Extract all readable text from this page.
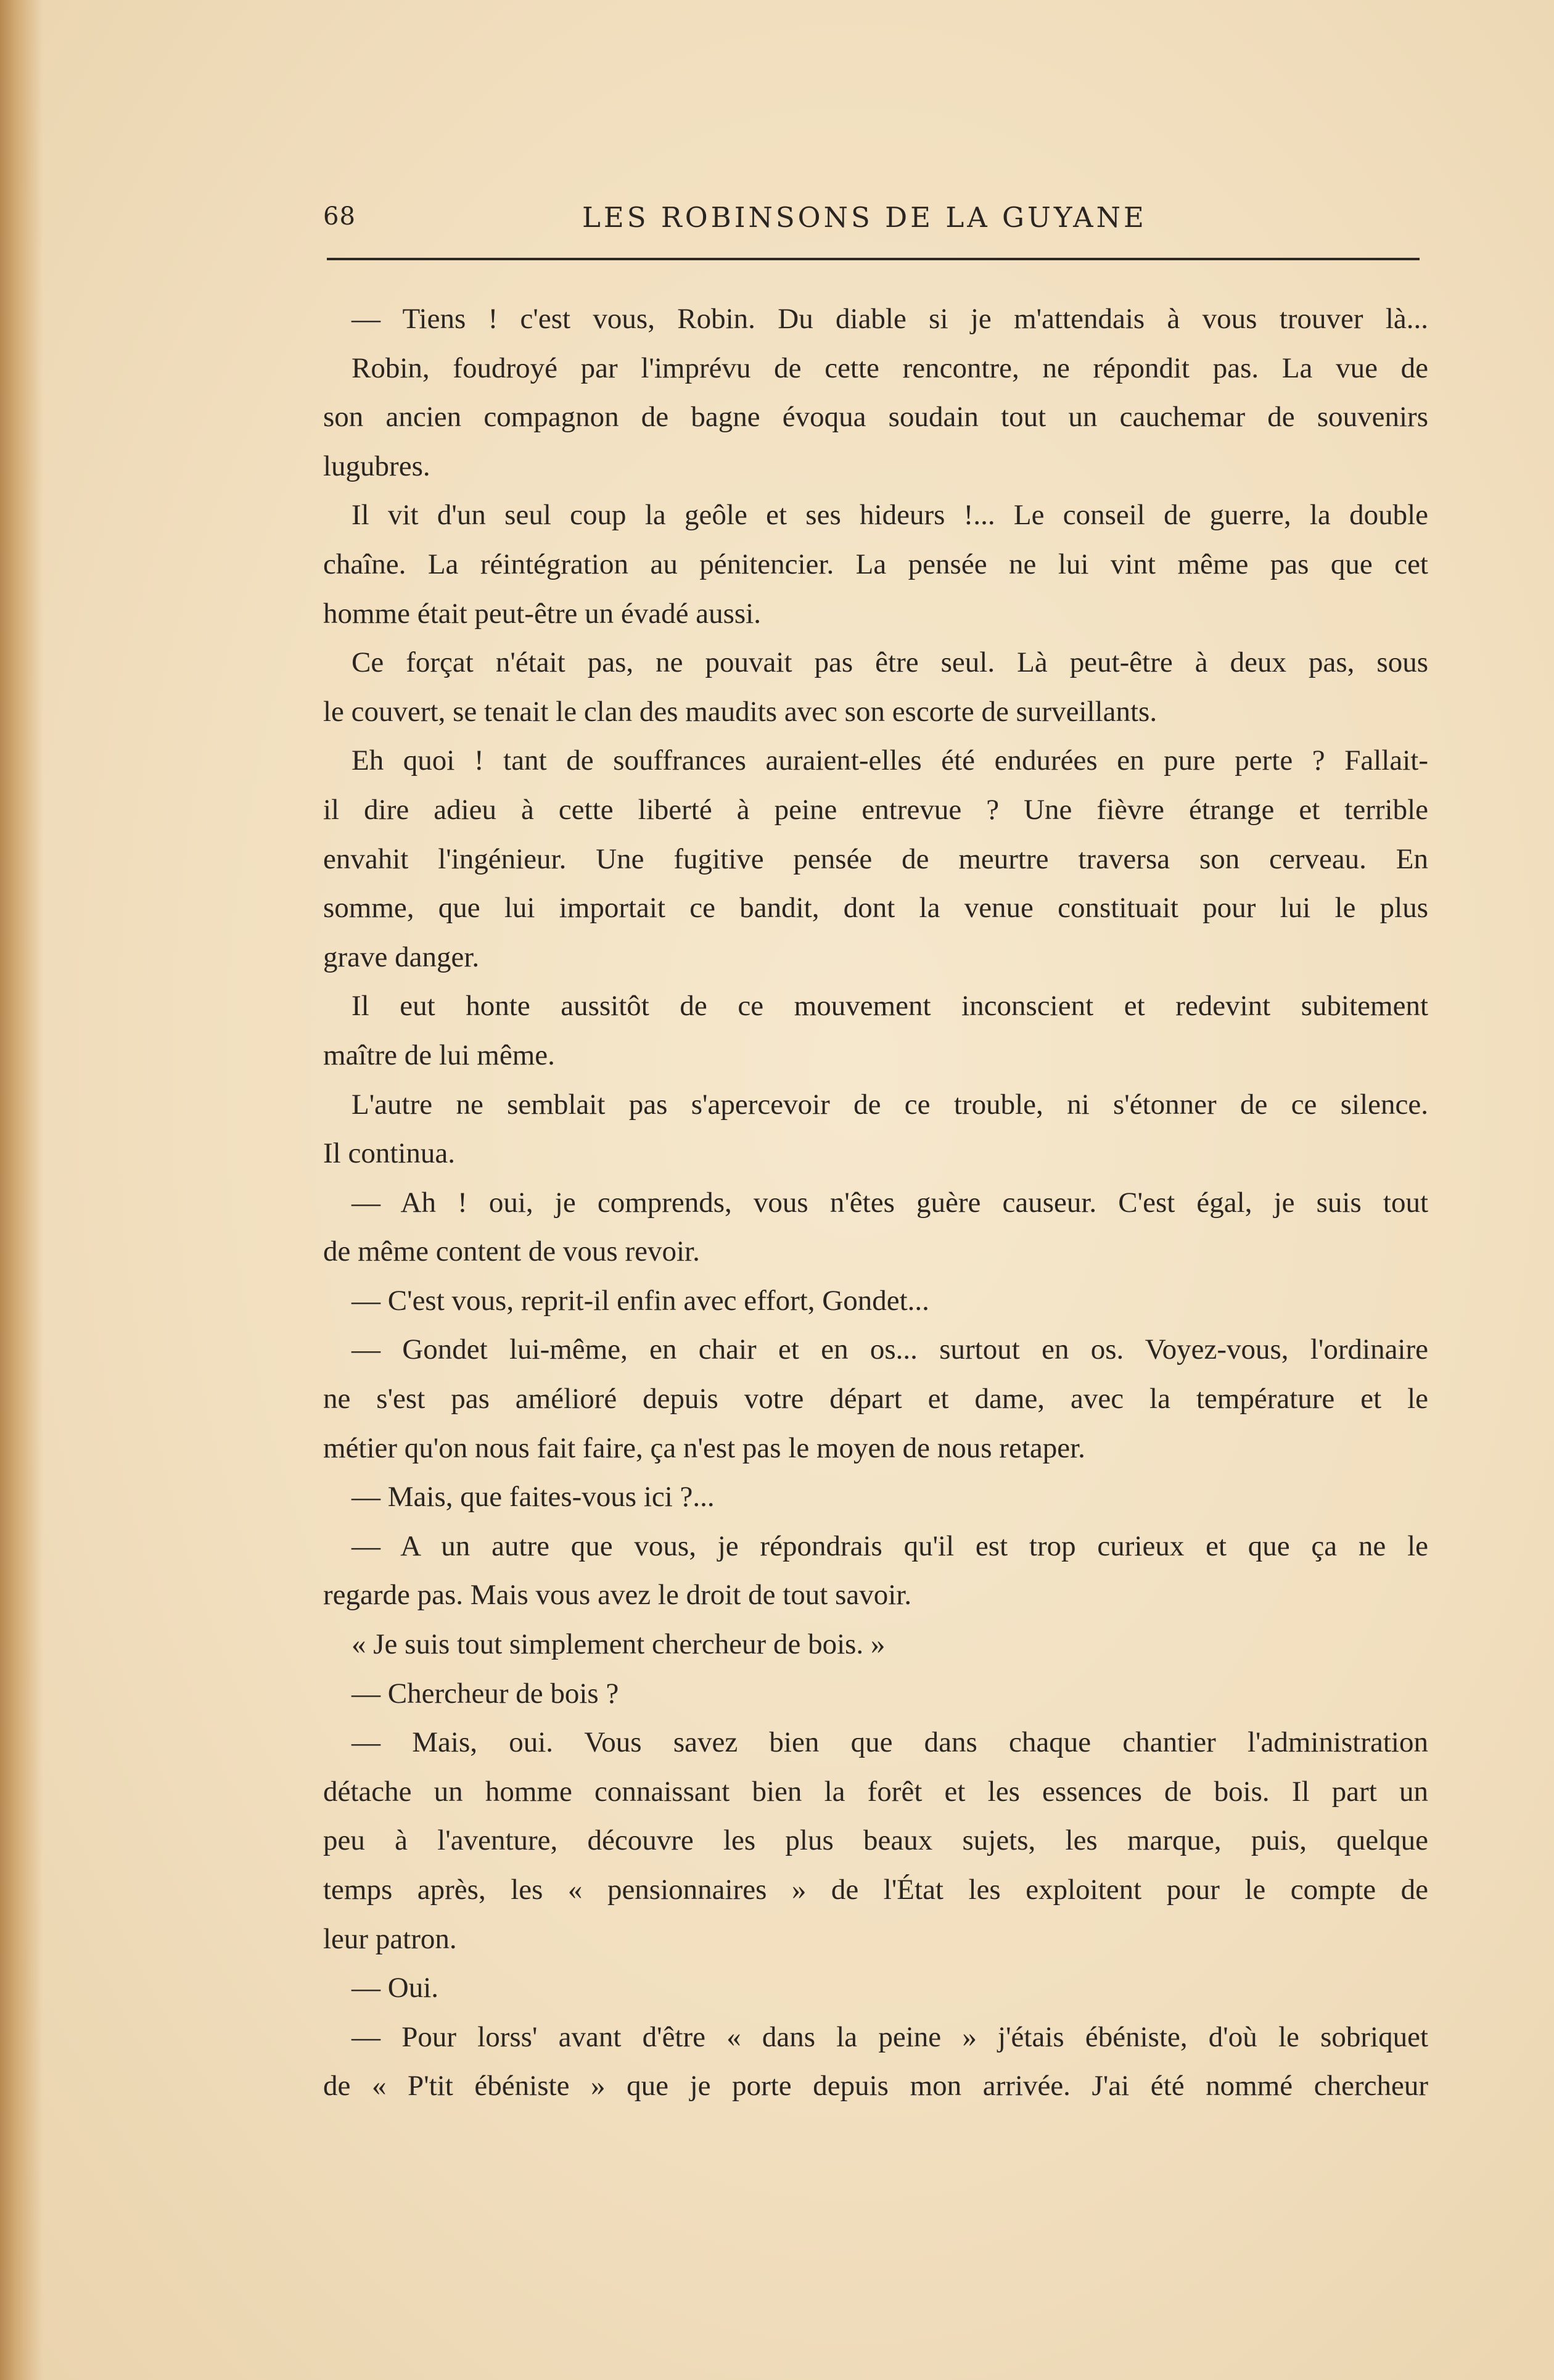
68	LES ROBINSONS DE LA GUYANE
— Tiens ! c'est vous, Robin. Du diable si je m'attendais à vous trouver là...
Robin, foudroyé par l'imprévu de cette rencontre, ne répondit pas. La vue de
son ancien compagnon de bagne évoqua soudain tout un cauchemar de souvenirs
lugubres.
Il vit d'un seul coup la geôle et ses hideurs !... Le conseil de guerre, la double
chaîne. La réintégration au pénitencier. La pensée ne lui vint même pas que cet
homme était peut-être un évadé aussi.
Ce forçat n'était pas, ne pouvait pas être seul. Là peut-être à deux pas, sous
le couvert, se tenait le clan des maudits avec son escorte de surveillants.
Eh quoi ! tant de souffrances auraient-elles été endurées en pure perte ? Fallait-
il dire adieu à cette liberté à peine entrevue ? Une fièvre étrange et terrible
envahit l'ingénieur. Une fugitive pensée de meurtre traversa son cerveau. En
somme, que lui importait ce bandit, dont la venue constituait pour lui le plus
grave danger.
Il eut honte aussitôt de ce mouvement inconscient et redevint subitement
maître de lui même.
L'autre ne semblait pas s'apercevoir de ce trouble, ni s'étonner de ce silence.
Il continua.
— Ah ! oui, je comprends, vous n'êtes guère causeur. C'est égal, je suis tout
de même content de vous revoir.
— C'est vous, reprit-il enfin avec effort, Gondet...
— Gondet lui-même, en chair et en os... surtout en os. Voyez-vous, l'ordinaire
ne s'est pas amélioré depuis votre départ et dame, avec la température et le
métier qu'on nous fait faire, ça n'est pas le moyen de nous retaper.
— Mais, que faites-vous ici ?...
— A un autre que vous, je répondrais qu'il est trop curieux et que ça ne le
regarde pas. Mais vous avez le droit de tout savoir.
« Je suis tout simplement chercheur de bois. »
— Chercheur de bois ?
— Mais, oui. Vous savez bien que dans chaque chantier l'administration
détache un homme connaissant bien la forêt et les essences de bois. Il part un
peu à l'aventure, découvre les plus beaux sujets, les marque, puis, quelque
temps après, les « pensionnaires » de l'État les exploitent pour le compte de
leur patron.
— Oui.
— Pour lorss' avant d'être « dans la peine » j'étais ébéniste, d'où le sobriquet
de « P'tit ébéniste » que je porte depuis mon arrivée. J'ai été nommé chercheur
